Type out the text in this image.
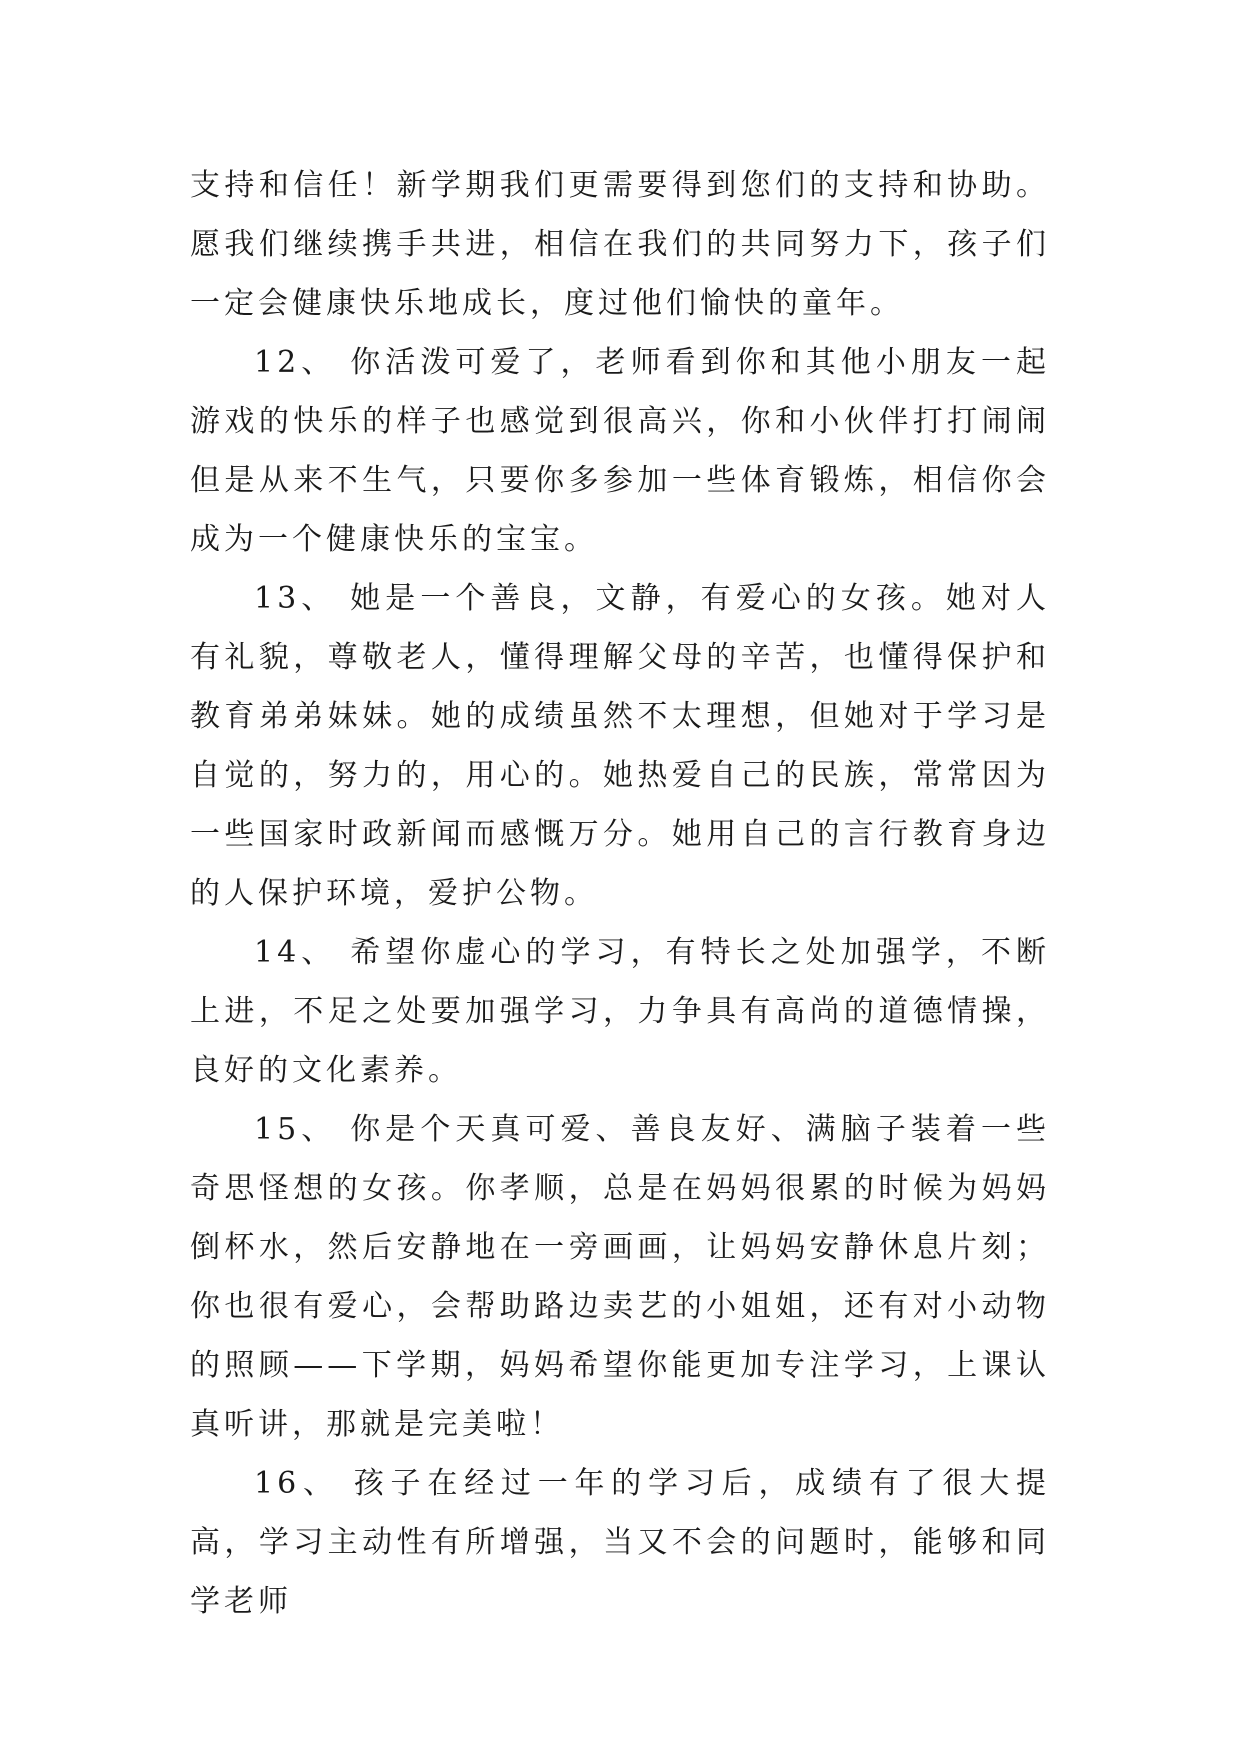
支持和信任！新学期我们更需要得到您们的支持和协助。愿我们继续携手共进，相信在我们的共同努力下，孩子们一定会健康快乐地成长，度过他们愉快的童年。

12、 你活泼可爱了，老师看到你和其他小朋友一起游戏的快乐的样子也感觉到很高兴，你和小伙伴打打闹闹但是从来不生气，只要你多参加一些体育锻炼，相信你会成为一个健康快乐的宝宝。

13、 她是一个善良，文静，有爱心的女孩。她对人有礼貌，尊敬老人，懂得理解父母的辛苦，也懂得保护和教育弟弟妹妹。她的成绩虽然不太理想，但她对于学习是自觉的，努力的，用心的。她热爱自己的民族，常常因为一些国家时政新闻而感慨万分。她用自己的言行教育身边的人保护环境，爱护公物。

14、 希望你虚心的学习，有特长之处加强学，不断上进，不足之处要加强学习，力争具有高尚的道德情操，良好的文化素养。

15、 你是个天真可爱、善良友好、满脑子装着一些奇思怪想的女孩。你孝顺，总是在妈妈很累的时候为妈妈倒杯水，然后安静地在一旁画画，让妈妈安静休息片刻；你也很有爱心，会帮助路边卖艺的小姐姐，还有对小动物的照顾——下学期，妈妈希望你能更加专注学习，上课认真听讲，那就是完美啦！

16、 孩子在经过一年的学习后，成绩有了很大提高，学习主动性有所增强，当又不会的问题时，能够和同学老师
